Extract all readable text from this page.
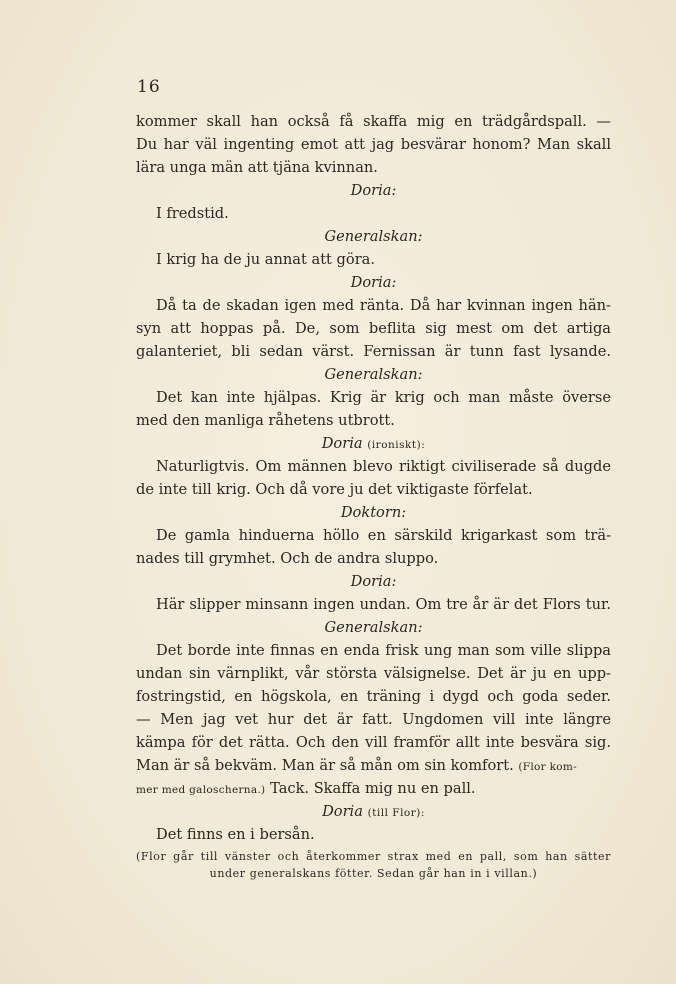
16
kommer skall han också få skaffa mig en trädgårdspall. —
Du har väl ingenting emot att jag besvärar honom? Man skall
lära unga män att tjäna kvinnan.
Doria:
I fredstid.
Generalskan:
I krig ha de ju annat att göra.
Doria:
Då ta de skadan igen med ränta. Då har kvinnan ingen hän-
syn att hoppas på. De, som beflita sig mest om det artiga
galanteriet, bli sedan värst. Fernissan är tunn fast lysande.
Generalskan:
Det kan inte hjälpas. Krig är krig och man måste överse
med den manliga råhetens utbrott.
Doria (ironiskt):
Naturligtvis. Om männen blevo riktigt civiliserade så dugde
de inte till krig. Och då vore ju det viktigaste förfelat.
Doktorn:
De gamla hinduerna höllo en särskild krigarkast som trä-
nades till grymhet. Och de andra sluppo.
Doria:
Här slipper minsann ingen undan. Om tre år är det Flors tur.
Generalskan:
Det borde inte finnas en enda frisk ung man som ville slippa
undan sin värnplikt, vår största välsignelse. Det är ju en upp-
fostringstid, en högskola, en träning i dygd och goda seder.
— Men jag vet hur det är fatt. Ungdomen vill inte längre
kämpa för det rätta. Och den vill framför allt inte besvära sig.
Man är så bekväm. Man är så mån om sin komfort. (Flor kom-
mer med galoscherna.) Tack. Skaffa mig nu en pall.
Doria (till Flor):
Det finns en i bersån.
(Flor går till vänster och återkommer strax med en pall, som han sätter
under generalskans fötter. Sedan går han in i villan.)
